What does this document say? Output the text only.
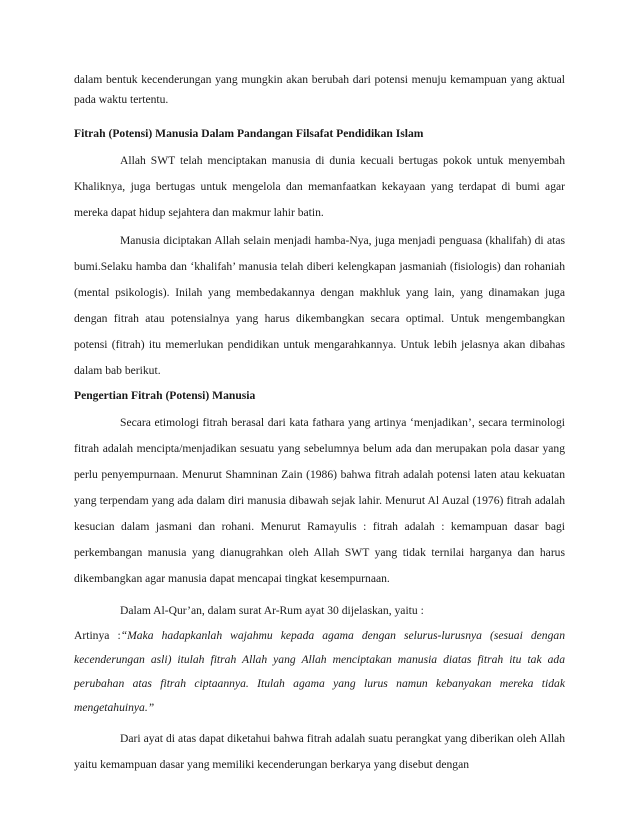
dalam bentuk kecenderungan yang mungkin akan berubah dari potensi menuju kemampuan yang aktual pada waktu tertentu.

Fitrah (Potensi) Manusia Dalam Pandangan Filsafat Pendidikan Islam

Allah SWT telah menciptakan manusia di dunia kecuali bertugas pokok untuk menyembah Khaliknya, juga bertugas untuk mengelola dan memanfaatkan kekayaan yang terdapat di bumi agar mereka dapat hidup sejahtera dan makmur lahir batin.

Manusia diciptakan Allah selain menjadi hamba-Nya, juga menjadi penguasa (khalifah) di atas bumi.Selaku hamba dan ‘khalifah’ manusia telah diberi kelengkapan jasmaniah (fisiologis) dan rohaniah (mental psikologis). Inilah yang membedakannya dengan makhluk yang lain, yang dinamakan juga dengan fitrah atau potensialnya yang harus dikembangkan secara optimal. Untuk mengembangkan potensi (fitrah) itu memerlukan pendidikan untuk mengarahkannya. Untuk lebih jelasnya akan dibahas dalam bab berikut.

Pengertian Fitrah (Potensi) Manusia

Secara etimologi fitrah berasal dari kata fathara yang artinya ‘menjadikan’, secara terminologi fitrah adalah mencipta/menjadikan sesuatu yang sebelumnya belum ada dan merupakan pola dasar yang perlu penyempurnaan. Menurut Shamninan Zain (1986) bahwa fitrah adalah potensi laten atau kekuatan yang terpendam yang ada dalam diri manusia dibawah sejak lahir. Menurut Al Auzal (1976) fitrah adalah kesucian dalam jasmani dan rohani. Menurut Ramayulis : fitrah adalah : kemampuan dasar bagi perkembangan manusia yang dianugrahkan oleh Allah SWT yang tidak ternilai harganya dan harus dikembangkan agar manusia dapat mencapai tingkat kesempurnaan.

Dalam Al-Qur’an, dalam surat Ar-Rum ayat 30 dijelaskan, yaitu :

Artinya :“Maka hadapkanlah wajahmu kepada agama dengan selurus-lurusnya (sesuai dengan kecenderungan asli) itulah fitrah Allah yang Allah menciptakan manusia diatas fitrah itu tak ada perubahan atas fitrah ciptaannya. Itulah agama yang lurus namun kebanyakan mereka tidak mengetahuinya.”

Dari ayat di atas dapat diketahui bahwa fitrah adalah suatu perangkat yang diberikan oleh Allah yaitu kemampuan dasar yang memiliki kecenderungan berkarya yang disebut dengan
